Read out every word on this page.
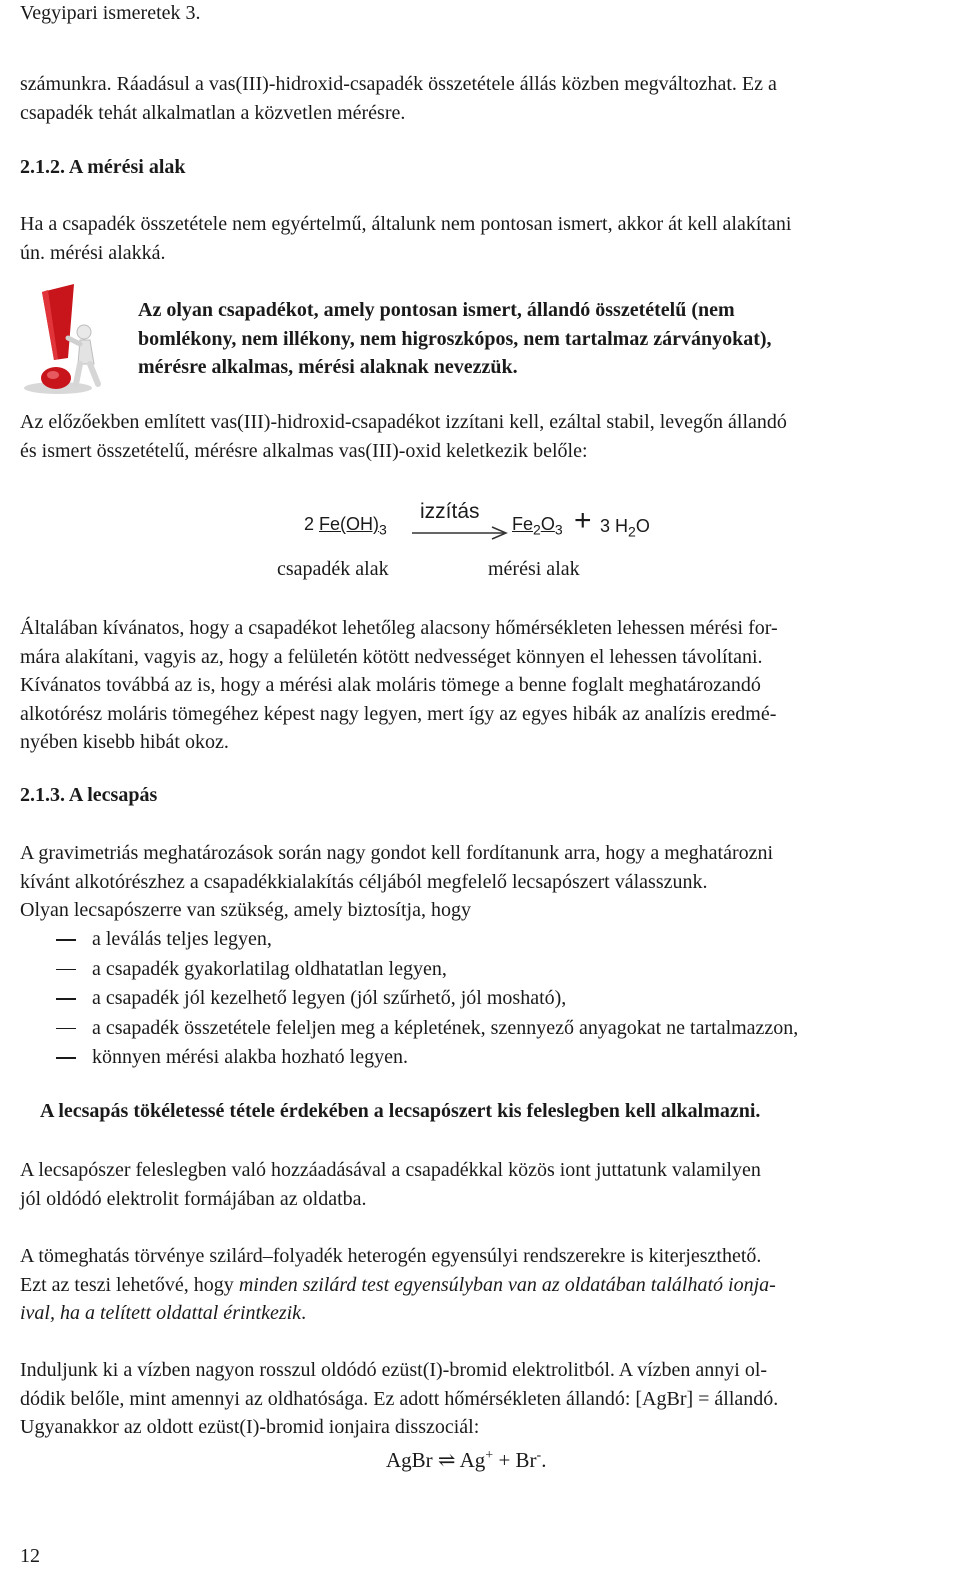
Vegyipari ismeretek 3.
számunkra. Ráadásul a vas(III)-hidroxid-csapadék összetétele állás közben megváltozhat. Ez a
csapadék tehát alkalmatlan a közvetlen mérésre.
2.1.2. A mérési alak
Ha a csapadék összetétele nem egyértelmű, általunk nem pontosan ismert, akkor át kell alakítani
ún. mérési alakká.
Az olyan csapadékot, amely pontosan ismert, állandó összetételű (nem
bomlékony, nem illékony, nem higroszkópos, nem tartalmaz zárványokat),
mérésre alkalmas, mérési alaknak nevezzük.
Az előzőekben említett vas(III)-hidroxid-csapadékot izzítani kell, ezáltal stabil, levegőn állandó
és ismert összetételű, mérésre alkalmas vas(III)-oxid keletkezik belőle:
2 $Fe(OH)_3$
izzítás
$Fe_2O_3 + 3$ $H_2O$
csapadék alak	mérési alak
Általában kívánatos, hogy a csapadékot lehetőleg alacsony hőmérsékleten lehessen mérési for-
mára alakítani, vagyis az, hogy a felületén kötött nedvességet könnyen el lehessen távolítani.
Kívánatos továbbá az is, hogy a mérési alak moláris tömege a benne foglalt meghatározandó
alkotórész moláris tömegéhez képest nagy legyen, mert így az egyes hibák az analízis eredmé-
nyében kisebb hibát okoz.
2.1.3. A lecsapás
A gravimetriás meghatározások során nagy gondot kell fordítanunk arra, hogy a meghatározni
kívánt alkotórészhez a csapadékkialakítás céljából megfelelő lecsapószert válasszunk.
Olyan lecsapószerre van szükség, amely biztosítja, hogy
a leválás teljes legyen,
a csapadék gyakorlatilag oldhatatlan legyen,
a csapadék jól kezelhető legyen (jól szűrhető, jól mosható),
a csapadék összetétele feleljen meg a képletének, szennyező anyagokat ne tartalmazzon,
könnyen mérési alakba hozható legyen.
A lecsapás tökéletessé tétele érdekében a lecsapószert kis feleslegben kell alkalmazni.
A lecsapószer feleslegben való hozzáadásával a csapadékkal közös iont juttatunk valamilyen
jól oldódó elektrolit formájában az oldatba.
A tömeghatás törvénye szilárd–folyadék heterogén egyensúlyi rendszerekre is kiterjeszthető.
Ezt az teszi lehetővé, hogy minden szilárd test egyensúlyban van az oldatában található ionja-
ival, ha a telített oldattal érintkezik.
Induljunk ki a vízben nagyon rosszul oldódó ezüst(I)-bromid elektrolitból. A vízben annyi ol-
dódik belőle, mint amennyi az oldhatósága. Ez adott hőmérsékleten állandó: [AgBr] = állandó.
Ugyanakkor az oldott ezüst(I)-bromid ionjaira disszociál:
AgBr ⇌ Ag+ + Br-.
12
